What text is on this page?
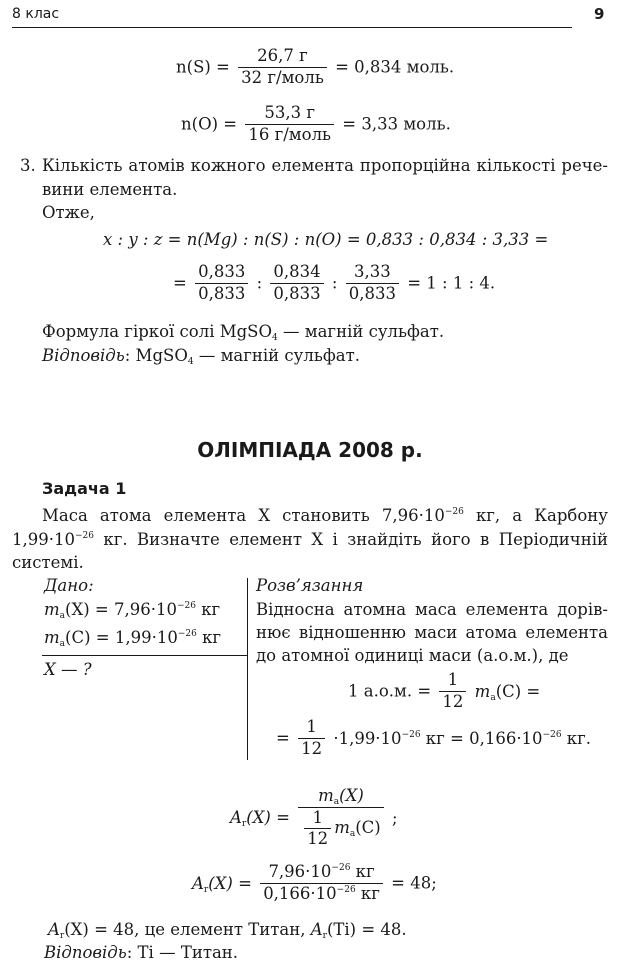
8 клас	9
$n(S) = \frac{26,7 г}{\text{32 г/моль}} = 0,834$ моль.
$n(O) = \frac{53,3 г}{\text{16 г/моль}} = 3,33$ моль.
3. Кількість атомів кожного елемента пропорційна кількості рече-
вини елемента.
Отже,
x : y : z = n(Mg) : n(S) : n(O) = 0,833 : 0,834 : 3,33 =
= $\frac{0,833}{0,833}$ : $\frac{0,834}{0,833}$ : $\frac{3,33}{0,833} = 1$ : 1 : 4.
Формула гіркої солі MgSO$_4$ — магній сульфат.
Відповідь: MgSO$_4$ — магній сульфат.
ОЛІМПІАДА 2008 р.
Задача 1
Маса атома елемента X становить $7,96\cdot 10^{-26}$ кг, а Карбону
$1,99\cdot 10^{-26}$ кг. Визначте елемент X і знайдіть його в Періодичній
системі.
Дано:
$m_а(X) = 7,96\cdot 10^{-26}$ кг
$m_а(C) = 1,99\cdot 10^{-26}$ кг
X — ?
Розв’язання
Відносна атомна маса елемента дорів-
нює відношенню маси атома елемента
до атомної одиниці маси (а.о.м.), де
1 а.о.м. = $\frac{1}{12} m_а(C)$ =
= $\frac{1}{12} \cdot 1,99\cdot 10^{-26}$ кг = $0,166\cdot 10^{-26}$ кг.
$A_r(X) = \frac{m_а(X)}{\frac{1}{12} m_а(C)}$ ;
$A_r(X) = \frac{7,96\cdot 10^{-26} кг}{0,166\cdot 10^{-26} кг} = 48$;
$A_r(X) = 48$, це елемент Титан, $A_r(Ti) = 48$.
Відповідь: Ti — Титан.
